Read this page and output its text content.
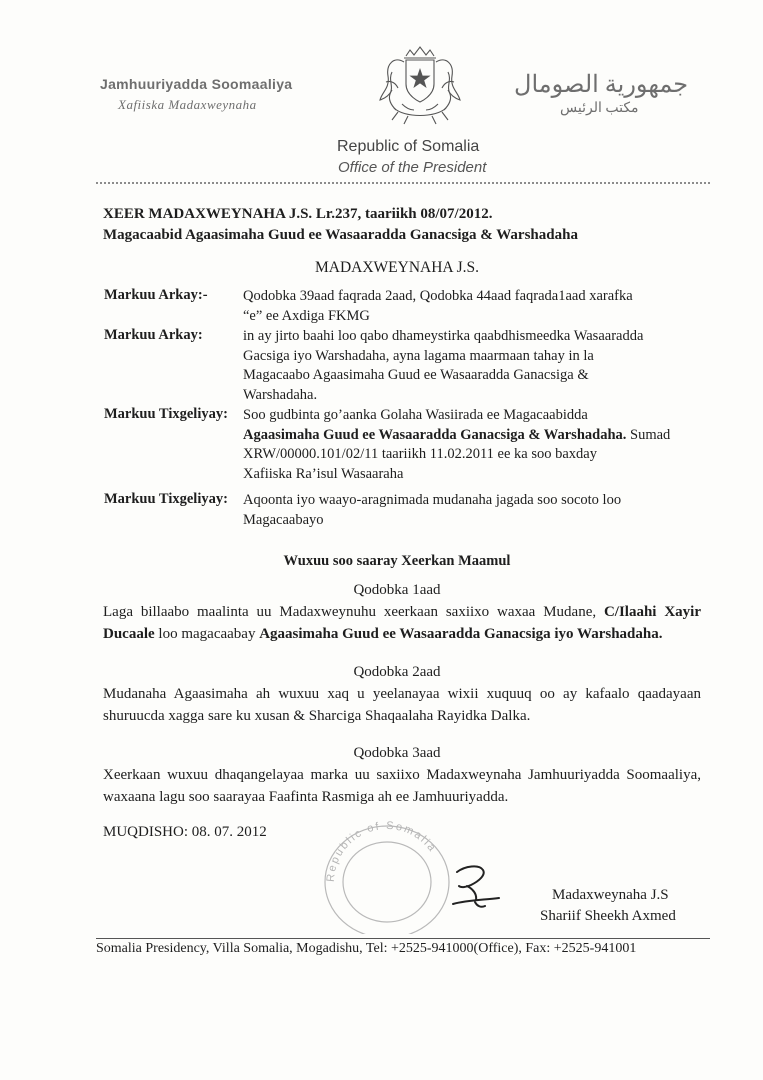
Jamhuuriyadda Soomaaliya
Xafiiska Madaxweynaha
جمهورية الصومال
مكتب الرئيس
Republic of Somalia
Office of the President
XEER MADAXWEYNAHA J.S. Lr.237, taariikh 08/07/2012.
Magacaabid Agaasimaha Guud ee Wasaaradda Ganacsiga & Warshadaha
MADAXWEYNAHA J.S.
Markuu Arkay:-	Qodobka 39aad faqrada 2aad, Qodobka 44aad faqrada1aad xarafka
“e” ee Axdiga FKMG
Markuu Arkay:	in ay jirto baahi loo qabo dhameystirka qaabdhismeedka Wasaaradda
Gacsiga iyo Warshadaha, ayna lagama maarmaan tahay in la
Magacaabo Agaasimaha Guud ee Wasaaradda Ganacsiga &
Warshadaha.
Markuu Tixgeliyay:	Soo gudbinta go’aanka Golaha Wasiirada ee Magacaabidda
Agaasimaha Guud ee Wasaaradda Ganacsiga & Warshadaha. Sumad
XRW/00000.101/02/11 taariikh 11.02.2011 ee ka soo baxday
Xafiiska Ra’isul Wasaaraha
Markuu Tixgeliyay:	Aqoonta iyo waayo-aragnimada mudanaha jagada soo socoto loo
Magacaabayo
Wuxuu soo saaray Xeerkan Maamul
Qodobka 1aad
Laga billaabo maalinta uu Madaxweynuhu xeerkaan saxiixo waxaa Mudane, C/Ilaahi Xayir Ducaale loo magacaabay Agaasimaha Guud ee Wasaaradda Ganacsiga iyo Warshadaha.
Qodobka 2aad
Mudanaha Agaasimaha ah wuxuu xaq u yeelanayaa wixii xuquuq oo ay kafaalo qaadayaan shuruucda xagga sare ku xusan & Sharciga Shaqaalaha Rayidka Dalka.
Qodobka 3aad
Xeerkaan wuxuu dhaqangelayaa marka uu saxiixo Madaxweynaha Jamhuuriyadda Soomaaliya, waxaana lagu soo saarayaa Faafinta Rasmiga ah ee Jamhuuriyadda.
MUQDISHO: 08. 07. 2012
Republic of Somalia
Madaxweynaha J.S
Shariif Sheekh Axmed
Somalia Presidency, Villa Somalia, Mogadishu, Tel: +2525-941000(Office), Fax: +2525-941001
